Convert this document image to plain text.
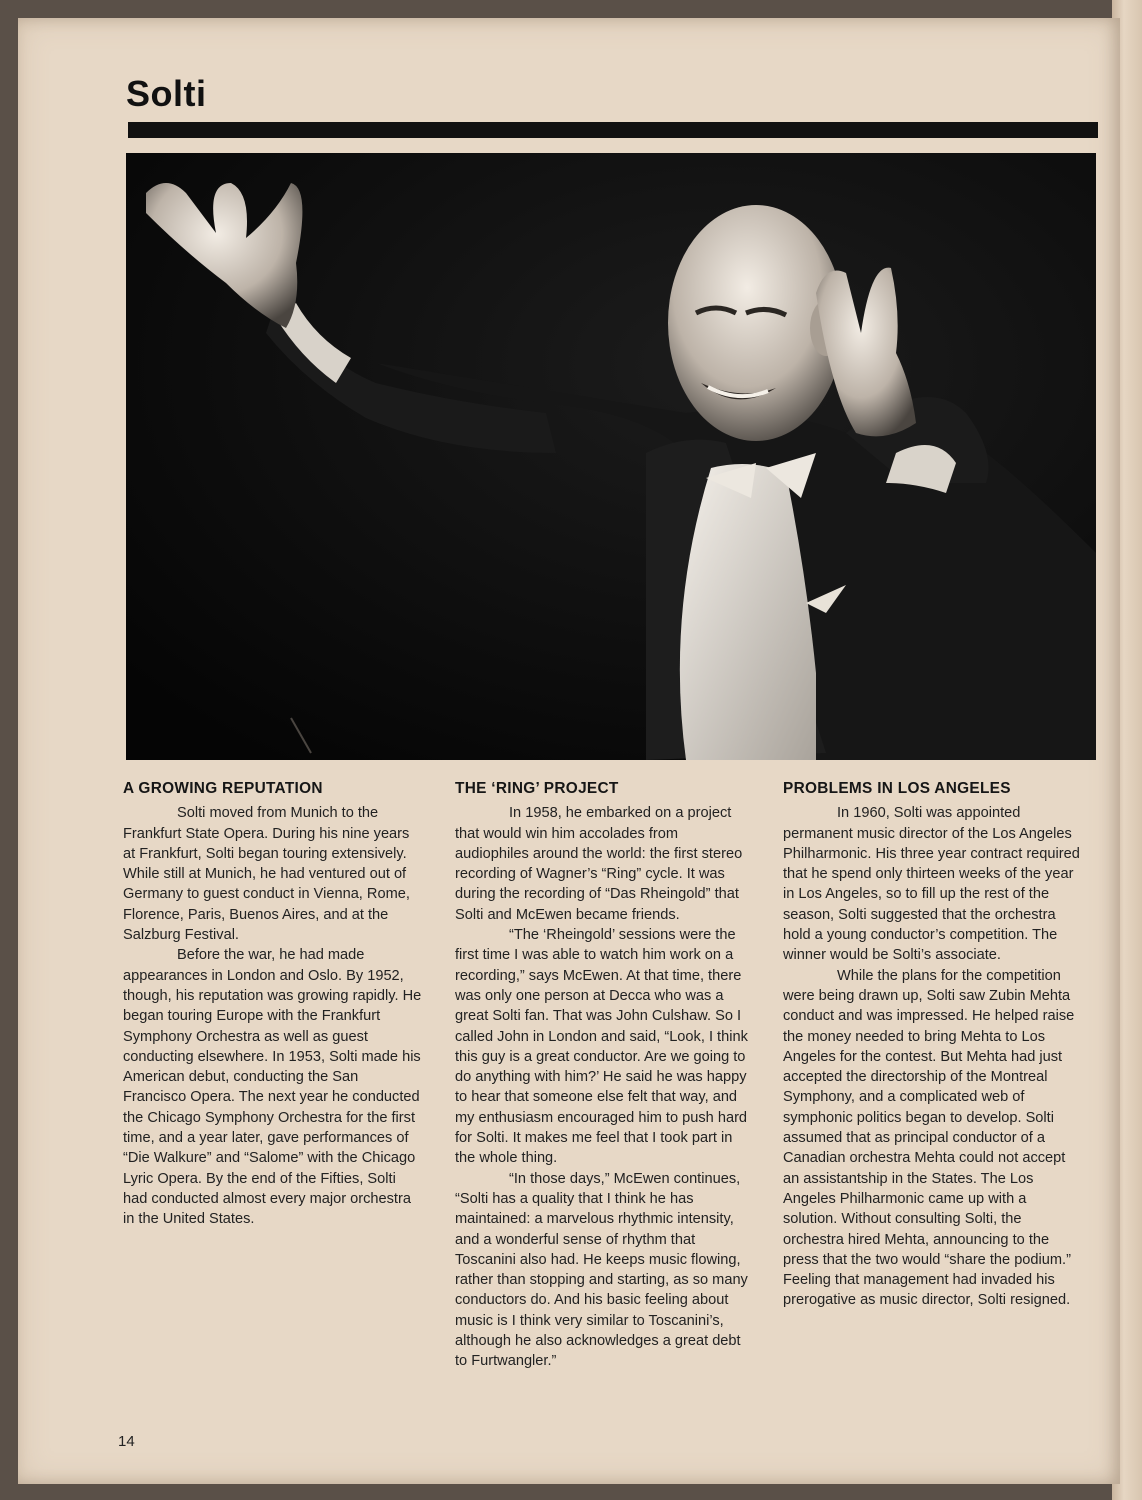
Solti
A GROWING REPUTATION

Solti moved from Munich to the Frankfurt State Opera. During his nine years at Frankfurt, Solti began touring extensively. While still at Munich, he had ventured out of Germany to guest conduct in Vienna, Rome, Florence, Paris, Buenos Aires, and at the Salzburg Festival.

Before the war, he had made appearances in London and Oslo. By 1952, though, his reputation was growing rapidly. He began touring Europe with the Frankfurt Symphony Orchestra as well as guest conducting elsewhere. In 1953, Solti made his American debut, conducting the San Francisco Opera. The next year he conducted the Chicago Symphony Orchestra for the first time, and a year later, gave performances of “Die Walkure” and “Salome” with the Chicago Lyric Opera. By the end of the Fifties, Solti had conducted almost every major orchestra in the United States.

THE ‘RING’ PROJECT

In 1958, he embarked on a project that would win him accolades from audiophiles around the world: the first stereo recording of Wagner’s “Ring” cycle. It was during the recording of “Das Rheingold” that Solti and McEwen became friends.

“The ‘Rheingold’ sessions were the first time I was able to watch him work on a recording,” says McEwen. At that time, there was only one person at Decca who was a great Solti fan. That was John Culshaw. So I called John in London and said, “Look, I think this guy is a great conductor. Are we going to do anything with him?’ He said he was happy to hear that someone else felt that way, and my enthusiasm encouraged him to push hard for Solti. It makes me feel that I took part in the whole thing.

“In those days,” McEwen continues, “Solti has a quality that I think he has maintained: a marvelous rhythmic intensity, and a wonderful sense of rhythm that Toscanini also had. He keeps music flowing, rather than stopping and starting, as so many conductors do. And his basic feeling about music is I think very similar to Toscanini’s, although he also acknowledges a great debt to Furtwangler.”

PROBLEMS IN LOS ANGELES

In 1960, Solti was appointed permanent music director of the Los Angeles Philharmonic. His three year contract required that he spend only thirteen weeks of the year in Los Angeles, so to fill up the rest of the season, Solti suggested that the orchestra hold a young conductor’s competition. The winner would be Solti’s associate.

While the plans for the competition were being drawn up, Solti saw Zubin Mehta conduct and was impressed. He helped raise the money needed to bring Mehta to Los Angeles for the contest. But Mehta had just accepted the directorship of the Montreal Symphony, and a complicated web of symphonic politics began to develop. Solti assumed that as principal conductor of a Canadian orchestra Mehta could not accept an assistantship in the States. The Los Angeles Philharmonic came up with a solution. Without consulting Solti, the orchestra hired Mehta, announcing to the press that the two would “share the podium.” Feeling that management had invaded his prerogative as music director, Solti resigned.

14
